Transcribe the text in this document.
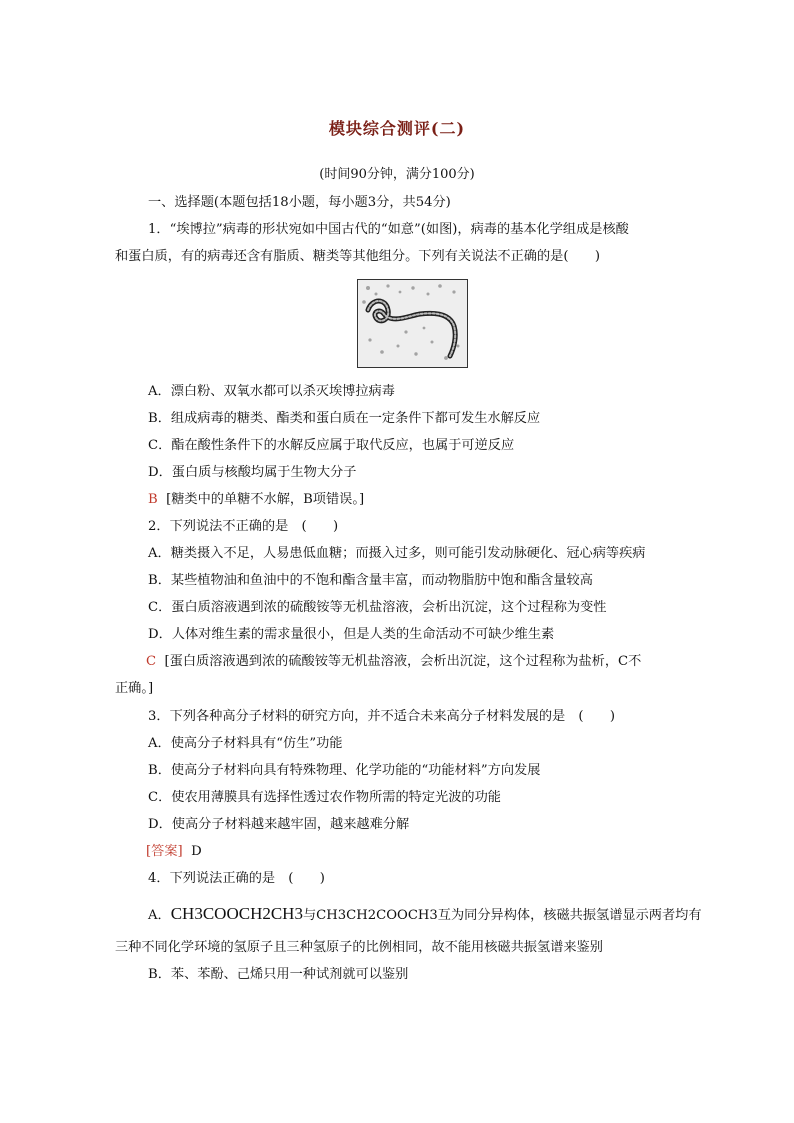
模块综合测评(二)
(时间90分钟，满分100分)
一、选择题(本题包括18小题，每小题3分，共54分)
1．“埃博拉”病毒的形状宛如中国古代的“如意”(如图)，病毒的基本化学组成是核酸
和蛋白质，有的病毒还含有脂质、糖类等其他组分。下列有关说法不正确的是(　　)
A．漂白粉、双氧水都可以杀灭埃博拉病毒
B．组成病毒的糖类、酯类和蛋白质在一定条件下都可发生水解反应
C．酯在酸性条件下的水解反应属于取代反应，也属于可逆反应
D．蛋白质与核酸均属于生物大分子
B [糖类中的单糖不水解，B项错误。]
2．下列说法不正确的是　(　　)
A．糖类摄入不足，人易患低血糖；而摄入过多，则可能引发动脉硬化、冠心病等疾病
B．某些植物油和鱼油中的不饱和酯含量丰富，而动物脂肪中饱和酯含量较高
C．蛋白质溶液遇到浓的硫酸铵等无机盐溶液，会析出沉淀，这个过程称为变性
D．人体对维生素的需求量很小，但是人类的生命活动不可缺少维生素
C [蛋白质溶液遇到浓的硫酸铵等无机盐溶液，会析出沉淀，这个过程称为盐析，C不
正确。]
3．下列各种高分子材料的研究方向，并不适合未来高分子材料发展的是　(　　)
A．使高分子材料具有“仿生”功能
B．使高分子材料向具有特殊物理、化学功能的“功能材料”方向发展
C．使农用薄膜具有选择性透过农作物所需的特定光波的功能
D．使高分子材料越来越牢固，越来越难分解
[答案] D
4．下列说法正确的是　(　　)
A．CH3COOCH2CH3与CH3CH2COOCH3互为同分异构体，核磁共振氢谱显示两者均有
三种不同化学环境的氢原子且三种氢原子的比例相同，故不能用核磁共振氢谱来鉴别
B．苯、苯酚、己烯只用一种试剂就可以鉴别
